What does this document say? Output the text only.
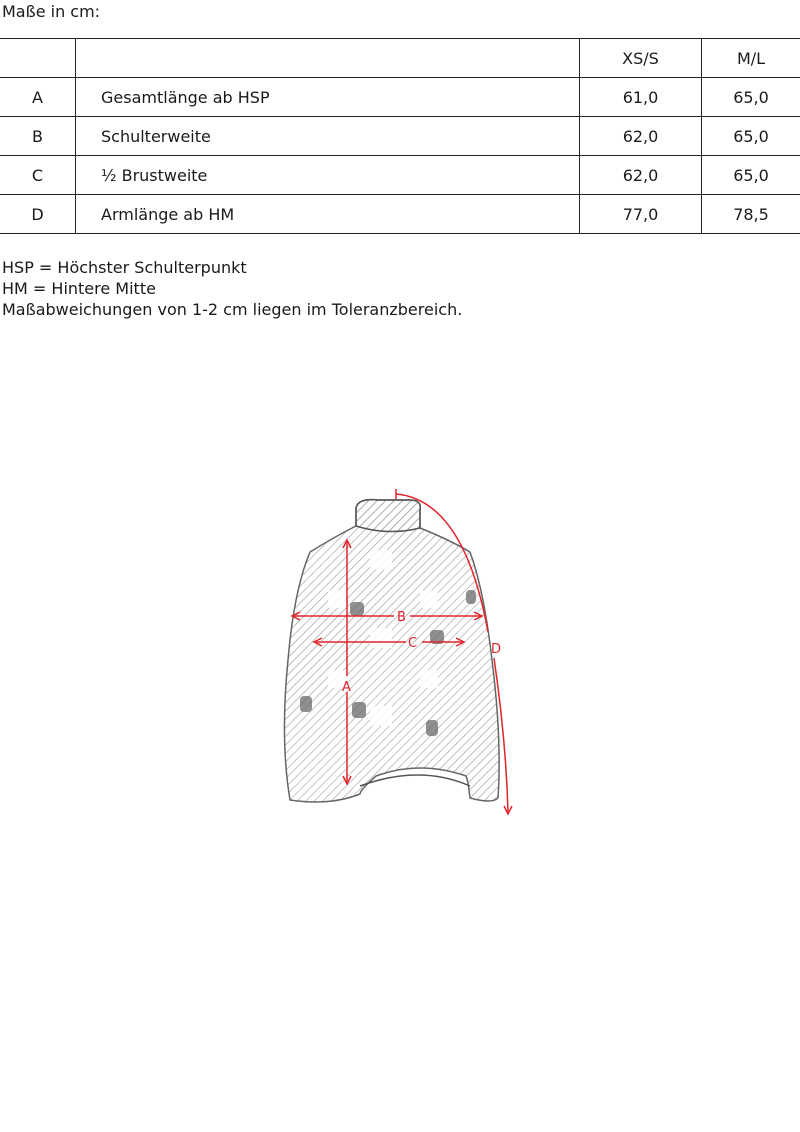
Maße in cm:
		XS/S	M/L
A	Gesamtlänge ab HSP	61,0	65,0
B	Schulterweite	62,0	65,0
C	½ Brustweite	62,0	65,0
D	Armlänge ab HM	77,0	78,5
HSP = Höchster Schulterpunkt
HM = Hintere Mitte
Maßabweichungen von 1-2 cm liegen im Toleranzbereich.
A
B
C	D
